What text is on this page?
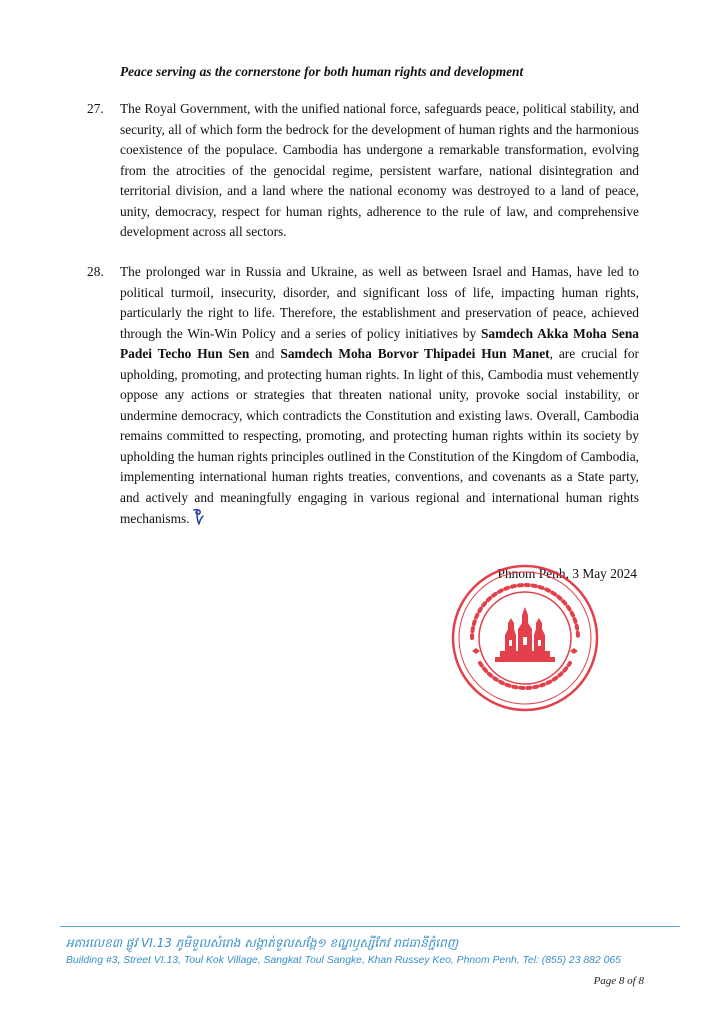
Peace serving as the cornerstone for both human rights and development
27.	The Royal Government, with the unified national force, safeguards peace, political stability, and security, all of which form the bedrock for the development of human rights and the harmonious coexistence of the populace. Cambodia has undergone a remarkable transformation, evolving from the atrocities of the genocidal regime, persistent warfare, national disintegration and territorial division, and a land where the national economy was destroyed to a land of peace, unity, democracy, respect for human rights, adherence to the rule of law, and comprehensive development across all sectors.
28.	The prolonged war in Russia and Ukraine, as well as between Israel and Hamas, have led to political turmoil, insecurity, disorder, and significant loss of life, impacting human rights, particularly the right to life. Therefore, the establishment and preservation of peace, achieved through the Win-Win Policy and a series of policy initiatives by Samdech Akka Moha Sena Padei Techo Hun Sen and Samdech Moha Borvor Thipadei Hun Manet, are crucial for upholding, promoting, and protecting human rights. In light of this, Cambodia must vehemently oppose any actions or strategies that threaten national unity, provoke social instability, or undermine democracy, which contradicts the Constitution and existing laws. Overall, Cambodia remains committed to respecting, promoting, and protecting human rights within its society by upholding the human rights principles outlined in the Constitution of the Kingdom of Cambodia, implementing international human rights treaties, conventions, and covenants as a State party, and actively and meaningfully engaging in various regional and international human rights mechanisms.
Phnom Penh, 3 May 2024
អគារលេខ៣ ផ្លូវ VI.13 ភូមិទួលសំរោង សង្កាត់ទួលសង្កែ១ ខណ្ឌឫស្សីកែវ រាជធានីភ្នំពេញ
Building #3, Street VI.13, Toul Kok Village, Sangkat Toul Sangke, Khan Russey Keo, Phnom Penh, Tel: (855) 23 882 065
Page 8 of 8
